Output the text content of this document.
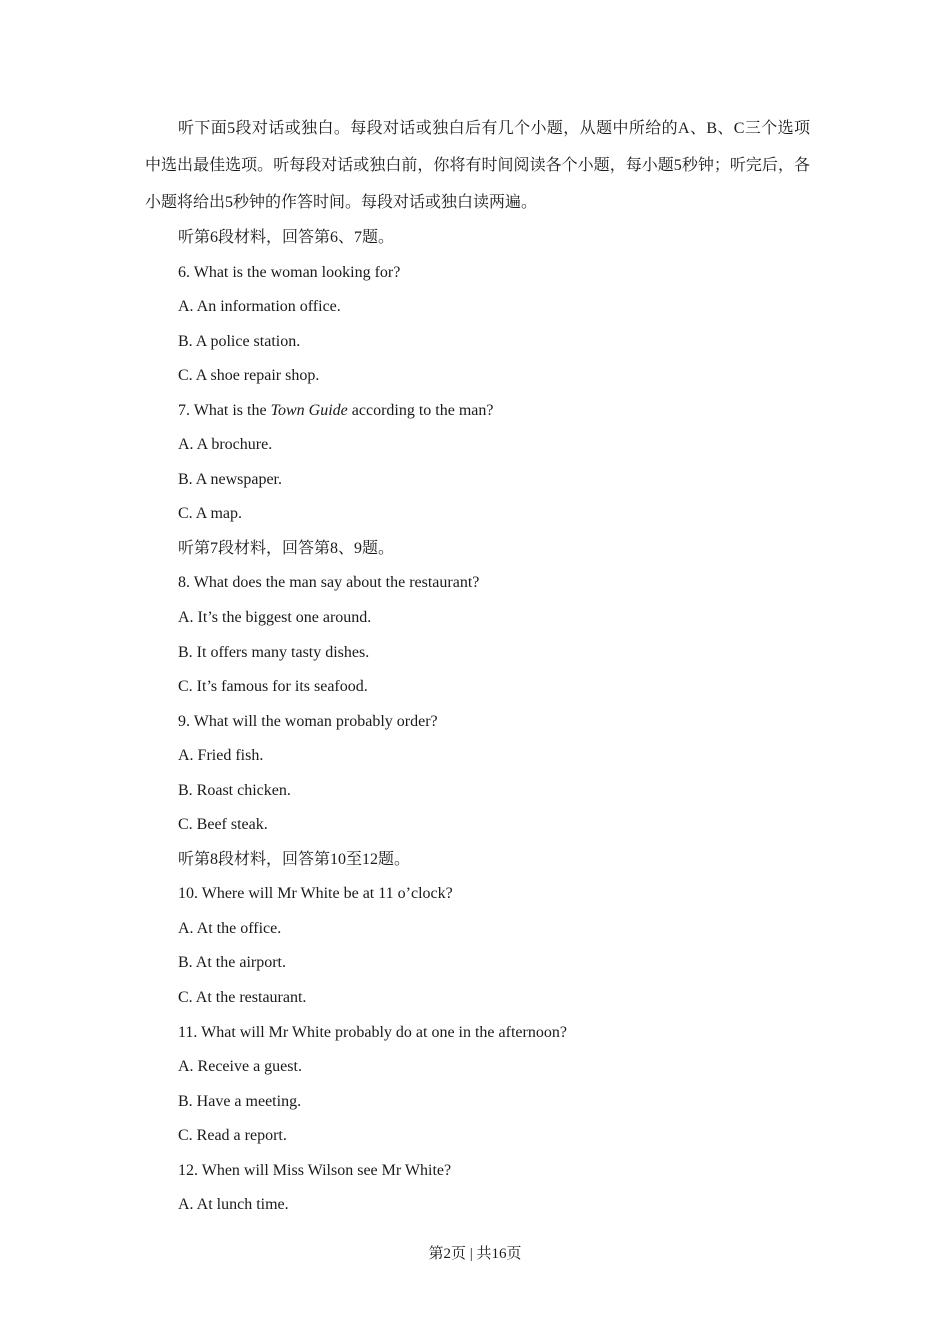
听下面5段对话或独白。每段对话或独白后有几个小题，从题中所给的A、B、C三个选项中选出最佳选项。听每段对话或独白前，你将有时间阅读各个小题，每小题5秒钟；听完后，各小题将给出5秒钟的作答时间。每段对话或独白读两遍。

听第6段材料，回答第6、7题。

6. What is the woman looking for?

A. An information office.

B. A police station.

C. A shoe repair shop.

7. What is the Town Guide according to the man?

A. A brochure.

B. A newspaper.

C. A map.

听第7段材料，回答第8、9题。

8. What does the man say about the restaurant?

A. It’s the biggest one around.

B. It offers many tasty dishes.

C. It’s famous for its seafood.

9. What will the woman probably order?

A. Fried fish.

B. Roast chicken.

C. Beef steak.

听第8段材料，回答第10至12题。

10. Where will Mr White be at 11 o’clock?

A. At the office.

B. At the airport.

C. At the restaurant.

11. What will Mr White probably do at one in the afternoon?

A. Receive a guest.

B. Have a meeting.

C. Read a report.

12. When will Miss Wilson see Mr White?

A. At lunch time.

第2页 | 共16页
